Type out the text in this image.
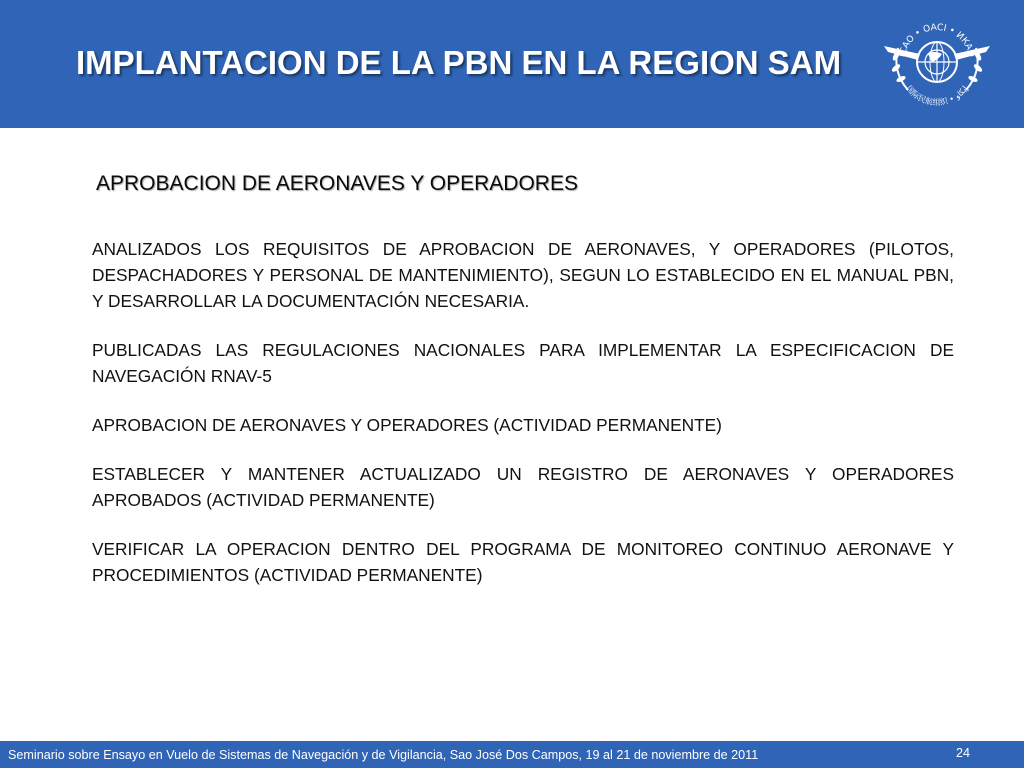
IMPLANTACION DE LA PBN EN LA REGION SAM	ICAO • OACI • ИКАО
国际民航组织 • إيكاو
APROBACION DE AERONAVES Y OPERADORES

ANALIZADOS LOS REQUISITOS DE APROBACION DE AERONAVES, Y OPERADORES (PILOTOS, DESPACHADORES Y PERSONAL DE MANTENIMIENTO), SEGUN LO ESTABLECIDO EN EL MANUAL PBN, Y DESARROLLAR LA DOCUMENTACIÓN NECESARIA.

PUBLICADAS LAS REGULACIONES NACIONALES PARA IMPLEMENTAR LA ESPECIFICACION DE NAVEGACIÓN RNAV-5

APROBACION DE AERONAVES Y OPERADORES (ACTIVIDAD PERMANENTE)

ESTABLECER Y MANTENER ACTUALIZADO UN REGISTRO DE AERONAVES Y OPERADORES APROBADOS (ACTIVIDAD PERMANENTE)

VERIFICAR LA OPERACION DENTRO DEL PROGRAMA DE MONITOREO CONTINUO AERONAVE Y PROCEDIMIENTOS (ACTIVIDAD PERMANENTE)

Seminario sobre Ensayo en Vuelo de Sistemas de Navegación y de Vigilancia, Sao José Dos Campos, 19 al 21 de noviembre de 2011	24
